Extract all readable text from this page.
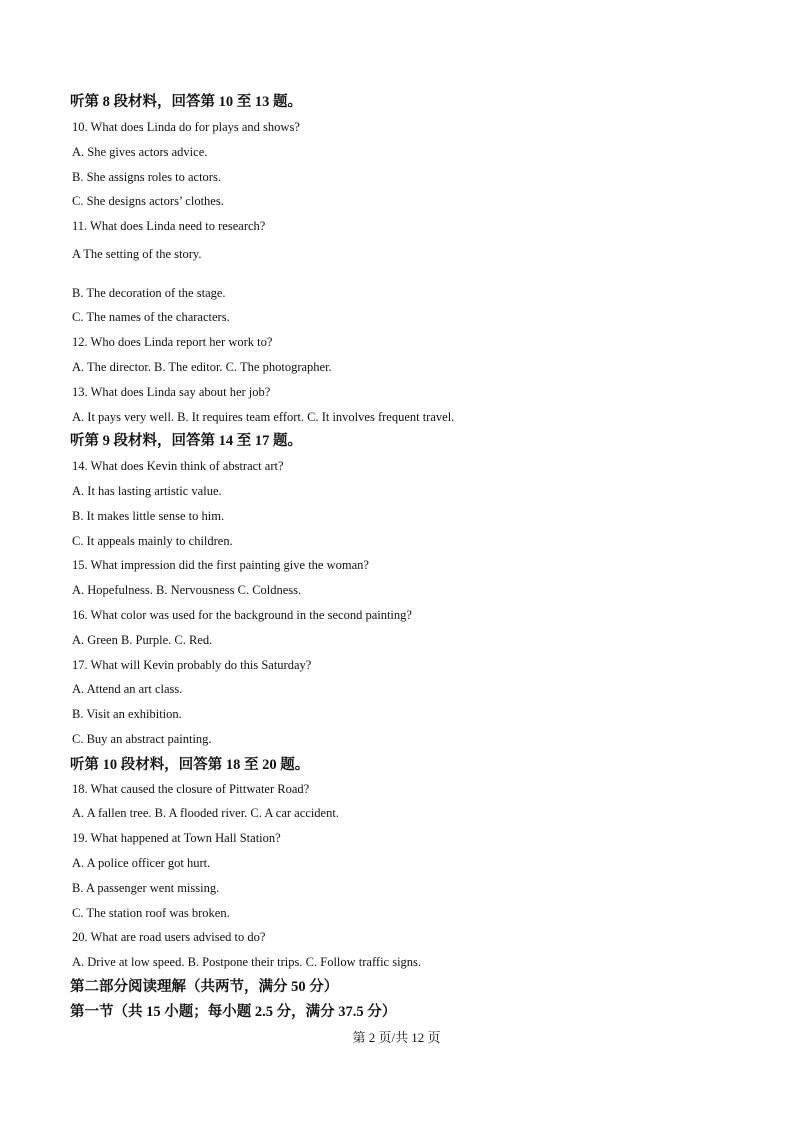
听第 8 段材料，回答第 10 至 13 题。
10. What does Linda do for plays and shows?
A. She gives actors advice.
B. She assigns roles to actors.
C. She designs actors’ clothes.
11. What does Linda need to research?
A The setting of the story.
B. The decoration of the stage.
C. The names of the characters.
12. Who does Linda report her work to?
A. The director. B. The editor. C. The photographer.
13. What does Linda say about her job?
A. It pays very well. B. It requires team effort. C. It involves frequent travel.
听第 9 段材料，回答第 14 至 17 题。
14. What does Kevin think of abstract art?
A. It has lasting artistic value.
B. It makes little sense to him.
C. It appeals mainly to children.
15. What impression did the first painting give the woman?
A. Hopefulness. B. Nervousness C. Coldness.
16. What color was used for the background in the second painting?
A. Green B. Purple. C. Red.
17. What will Kevin probably do this Saturday?
A. Attend an art class.
B. Visit an exhibition.
C. Buy an abstract painting.
听第 10 段材料，回答第 18 至 20 题。
18. What caused the closure of Pittwater Road?
A. A fallen tree. B. A flooded river. C. A car accident.
19. What happened at Town Hall Station?
A. A police officer got hurt.
B. A passenger went missing.
C. The station roof was broken.
20. What are road users advised to do?
A. Drive at low speed. B. Postpone their trips. C. Follow traffic signs.
第二部分阅读理解（共两节，满分 50 分）
第一节（共 15 小题；每小题 2.5 分，满分 37.5 分）
第 2 页/共 12 页
